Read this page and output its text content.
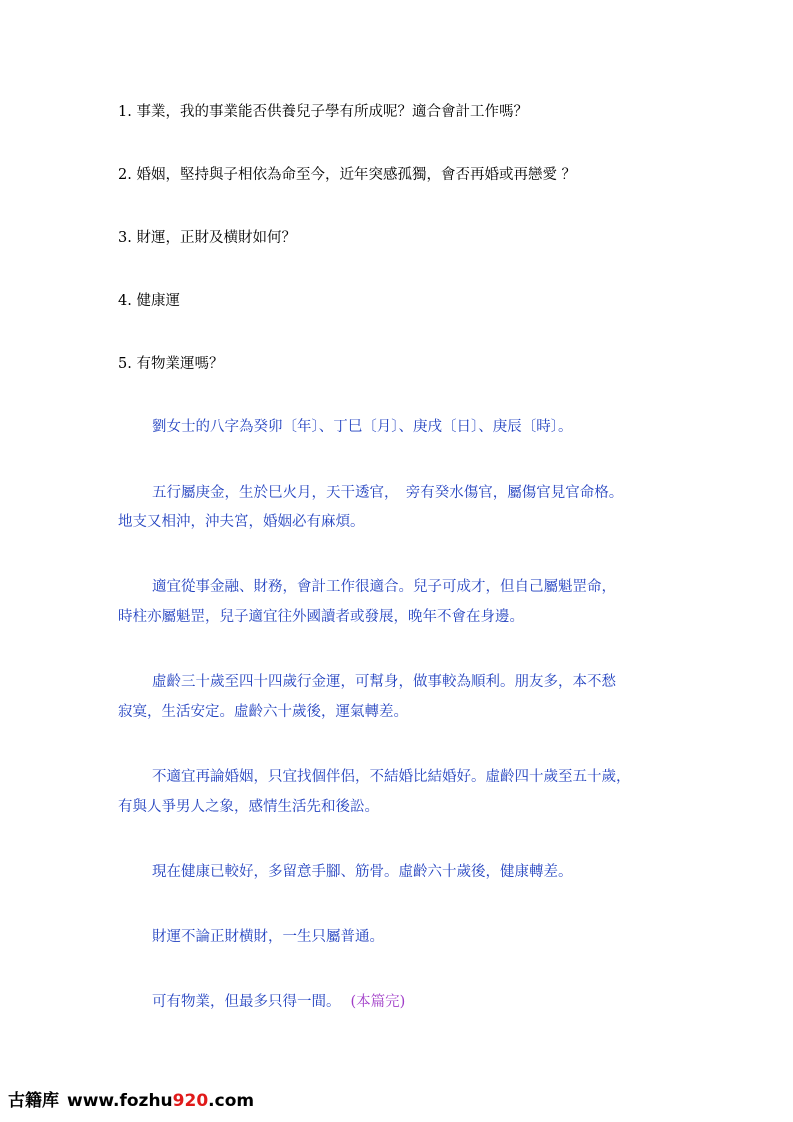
1. 事業，我的事業能否供養兒子學有所成呢？適合會計工作嗎？
2. 婚姻，堅持與子相依為命至今，近年突感孤獨，會否再婚或再戀愛 ？
3. 財運，正財及横財如何？
4. 健康運
5. 有物業運嗎？
劉女士的八字為癸卯〔年〕、丁巳〔月〕、庚戌〔日〕、庚辰〔時〕。
五行屬庚金，生於巳火月，天干透官，　旁有癸水傷官，屬傷官見官命格。
地支又相沖，沖夫宮，婚姻必有麻煩。
適宜從事金融、財務，會計工作很適合。兒子可成才，但自己屬魁罡命，
時柱亦屬魁罡，兒子適宜往外國讀者或發展，晚年不會在身邊。
虛齡三十歲至四十四歲行金運，可幫身，做事較為順利。朋友多，本不愁
寂寞，生活安定。虛齡六十歲後，運氣轉差。
不適宜再論婚姻，只宜找個伴侶，不結婚比結婚好。虛齡四十歲至五十歲，
有與人爭男人之象，感情生活先和後訟。
現在健康已較好，多留意手腳、筋骨。虛齡六十歲後，健康轉差。
財運不論正財横財，一生只屬普通。
可有物業，但最多只得一間。 (本篇完)
古籍库 www.fozhu920.com
